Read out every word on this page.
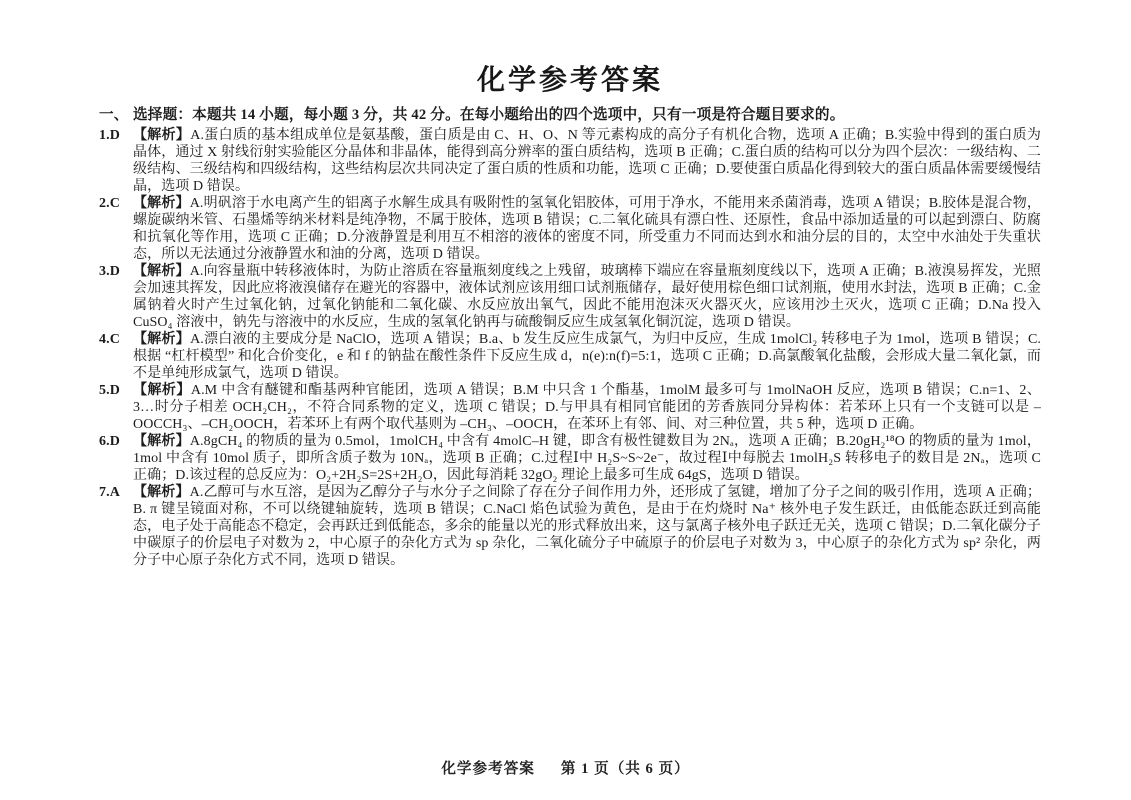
化学参考答案
一、 选择题：本题共 14 小题，每小题 3 分，共 42 分。在每小题给出的四个选项中，只有一项是符合题目要求的。
1.D 【解析】A.蛋白质的基本组成单位是氨基酸，蛋白质是由 C、H、O、N 等元素构成的高分子有机化合物，选项 A 正确；B.实验中得到的蛋白质为晶体，通过 X 射线衍射实验能区分晶体和非晶体，能得到高分辨率的蛋白质结构，选项 B 正确；C.蛋白质的结构可以分为四个层次：一级结构、二级结构、三级结构和四级结构，这些结构层次共同决定了蛋白质的性质和功能，选项 C 正确；D.要使蛋白质晶化得到较大的蛋白质晶体需要缓慢结晶，选项 D 错误。

2.C 【解析】A.明矾溶于水电离产生的铝离子水解生成具有吸附性的氢氧化铝胶体，可用于净水，不能用来杀菌消毒，选项 A 错误；B.胶体是混合物，螺旋碳纳米管、石墨烯等纳米材料是纯净物，不属于胶体，选项 B 错误；C.二氧化硫具有漂白性、还原性，食品中添加适量的可以起到漂白、防腐和抗氧化等作用，选项 C 正确；D.分液静置是利用互不相溶的液体的密度不同，所受重力不同而达到水和油分层的目的，太空中水油处于失重状态，所以无法通过分液静置水和油的分离，选项 D 错误。

3.D 【解析】A.向容量瓶中转移液体时，为防止溶质在容量瓶刻度线之上残留，玻璃棒下端应在容量瓶刻度线以下，选项 A 正确；B.液溴易挥发，光照会加速其挥发，因此应将液溴储存在避光的容器中，液体试剂应该用细口试剂瓶储存，最好使用棕色细口试剂瓶，使用水封法，选项 B 正确；C.金属钠着火时产生过氧化钠，过氧化钠能和二氧化碳、水反应放出氧气，因此不能用泡沫灭火器灭火，应该用沙土灭火，选项 C 正确；D.Na 投入 CuSO₄ 溶液中，钠先与溶液中的水反应，生成的氢氧化钠再与硫酸铜反应生成氢氧化铜沉淀，选项 D 错误。

4.C 【解析】A.漂白液的主要成分是 NaClO，选项 A 错误；B.a、b 发生反应生成氯气，为归中反应，生成 1molCl₂ 转移电子为 1mol，选项 B 错误；C.根据 “杠杆模型” 和化合价变化，e 和 f 的钠盐在酸性条件下反应生成 d，n(e):n(f)=5:1，选项 C 正确；D.高氯酸氧化盐酸，会形成大量二氧化氯，而不是单纯形成氯气，选项 D 错误。

5.D 【解析】A.M 中含有醚键和酯基两种官能团，选项 A 错误；B.M 中只含 1 个酯基，1molM 最多可与 1molNaOH 反应，选项 B 错误；C.n=1、2、3…时分子相差 OCH₂CH₂，不符合同系物的定义，选项 C 错误；D.与甲具有相同官能团的芳香族同分异构体：若苯环上只有一个支链可以是 –OOCCH₃、–CH₂OOCH，若苯环上有两个取代基则为 –CH₃、–OOCH，在苯环上有邻、间、对三种位置，共 5 种，选项 D 正确。

6.D 【解析】A.8gCH₄ 的物质的量为 0.5mol，1molCH₄ 中含有 4molC–H 键，即含有极性键数目为 2Nₐ，选项 A 正确；B.20gH₂¹⁸O 的物质的量为 1mol，1mol 中含有 10mol 质子，即所含质子数为 10Nₐ，选项 B 正确；C.过程Ⅰ中 H₂S~S~2e⁻，故过程Ⅰ中每脱去 1molH₂S 转移电子的数目是 2Nₐ，选项 C 正确；D.该过程的总反应为：O₂+2H₂S=2S+2H₂O，因此每消耗 32gO₂ 理论上最多可生成 64gS，选项 D 错误。

7.A 【解析】A.乙醇可与水互溶，是因为乙醇分子与水分子之间除了存在分子间作用力外，还形成了氢键，增加了分子之间的吸引作用，选项 A 正确；B. π 键呈镜面对称，不可以绕键轴旋转，选项 B 错误；C.NaCl 焰色试验为黄色，是由于在灼烧时 Na⁺ 核外电子发生跃迁，由低能态跃迁到高能态，电子处于高能态不稳定，会再跃迁到低能态，多余的能量以光的形式释放出来，这与氯离子核外电子跃迁无关，选项 C 错误；D.二氧化碳分子中碳原子的价层电子对数为 2，中心原子的杂化方式为 sp 杂化，二氧化硫分子中硫原子的价层电子对数为 3，中心原子的杂化方式为 sp² 杂化，两分子中心原子杂化方式不同，选项 D 错误。

化学参考答案 第 1 页（共 6 页）
